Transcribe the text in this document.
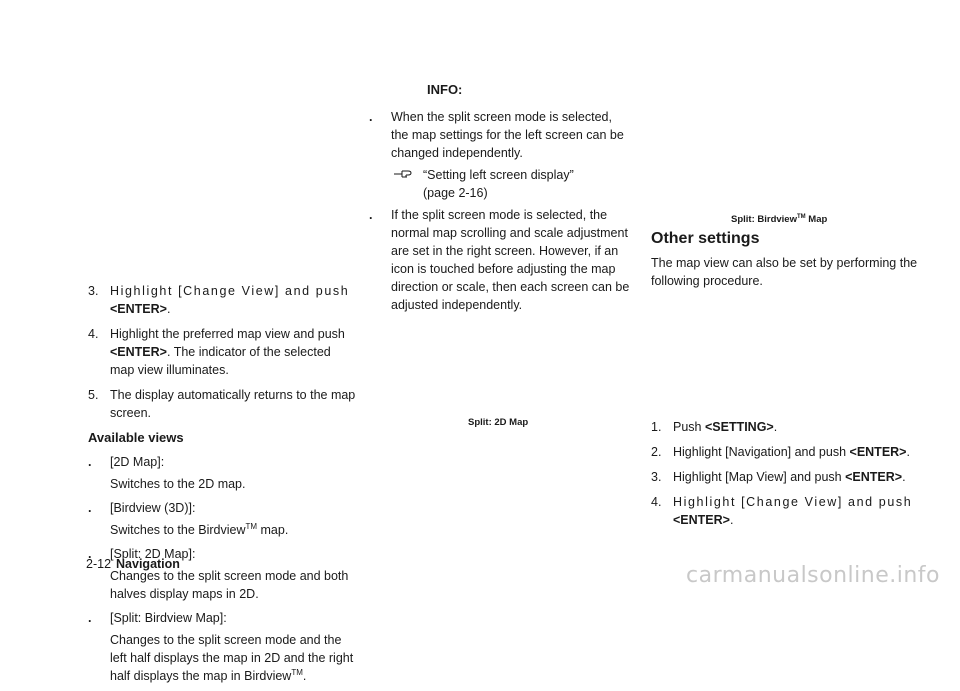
3. Highlight [Change View] and push
<ENTER>.
4. Highlight the preferred map view and push
<ENTER>. The indicator of the selected map view illuminates.
5. The display automatically returns to the map screen.
Available views
. [2D Map]:
Switches to the 2D map.
. [Birdview (3D)]:
Switches to the Birdview™ map.
. [Split: 2D Map]:
Changes to the split screen mode and both halves display maps in 2D.
. [Split: Birdview Map]:
Changes to the split screen mode and the left half displays the map in 2D and the right half displays the map in Birdview™.
INFO:
. When the split screen mode is selected, the map settings for the left screen can be changed independently.
“Setting left screen display”
(page 2-16)
. If the split screen mode is selected, the normal map scrolling and scale adjustment are set in the right screen. However, if an icon is touched before adjusting the map direction or scale, then each screen can be adjusted independently.
Split: 2D Map
Split: Birdview™ Map
Other settings
The map view can also be set by performing the following procedure.
1. Push <SETTING>.
2. Highlight [Navigation] and push <ENTER>.
3. Highlight [Map View] and push <ENTER>.
4. Highlight [Change View] and push
<ENTER>.
2-12 Navigation	carmanualsonline.info
